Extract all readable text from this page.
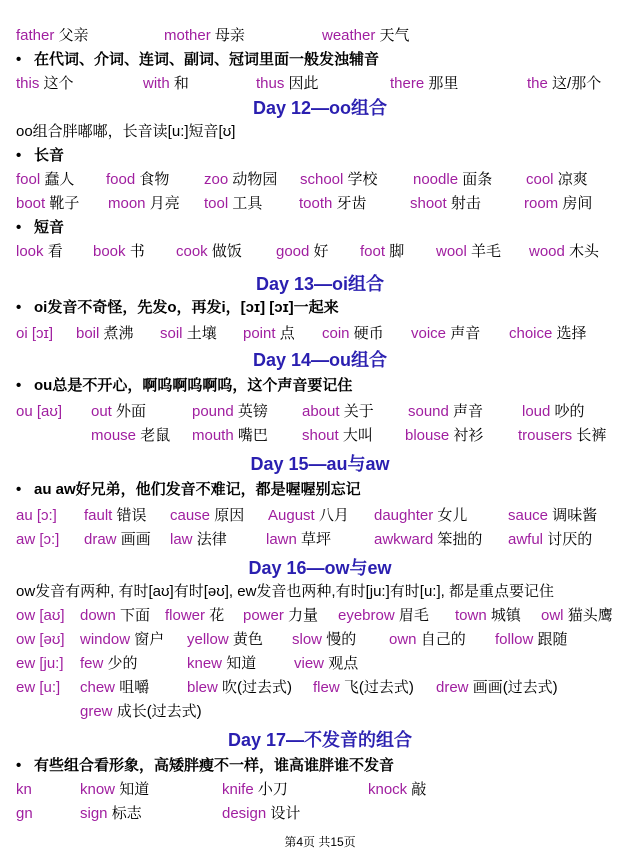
father 父亲	mother 母亲	weather 天气
• 在代词、介词、连词、副词、冠词里面一般发浊辅音
this 这个	with 和	thus 因此	there 那里	the 这/那个
Day 12—oo组合
oo组合胖嘟嘟，长音读[u:]短音[ʊ]
• 长音
fool 蠢人 food 食物 zoo 动物园 school 学校 noodle 面条 cool 凉爽
boot 靴子 moon 月亮 tool 工具 tooth 牙齿	shoot 射击	room 房间
• 短音
look 看 book 书 cook 做饭 good 好 foot 脚 wool 羊毛 wood 木头
Day 13—oi组合
• oi发音不奇怪，先发o，再发i，[ɔɪ] [ɔɪ]一起来
oi [ɔɪ] boil 煮沸 soil 土壤 point 点 coin 硬币 voice 声音 choice 选择
Day 14—ou组合
• ou总是不开心，啊呜啊呜啊呜，这个声音要记住
ou [aʊ] out 外面	pound 英镑 about 关于 sound 声音	loud 吵的
mouse 老鼠 mouth 嘴巴 shout 大叫 blouse 衬衫 trousers 长裤
Day 15—au与aw
• au aw好兄弟，他们发音不难记，都是喔喔别忘记
au [ɔ:] fault 错误 cause 原因 August 八月 daughter 女儿	sauce 调味酱
aw [ɔ:] draw 画画 law 法律	lawn 草坪	awkward 笨拙的 awful 讨厌的
Day 16—ow与ew
ow发音有两种, 有时[aʊ]有时[əʊ], ew发音也两种,有时[ju:]有时[u:], 都是重点要记住
ow [aʊ] down 下面 flower 花 power 力量 eyebrow 眉毛 town 城镇 owl 猫头鹰
ow [əʊ] window 窗户 yellow 黄色 slow 慢的 own 自己的 follow 跟随
ew [ju:] few 少的	knew 知道	view 观点
ew [u:] chew 咀嚼	blew 吹(过去式) flew 飞(过去式) drew 画画(过去式)
grew 成长(过去式)
Day 17—不发音的组合
• 有些组合看形象，高矮胖瘦不一样，谁高谁胖谁不发音
kn	know 知道	knife 小刀	knock 敲
gn	sign 标志	design 设计
第4页 共15页
